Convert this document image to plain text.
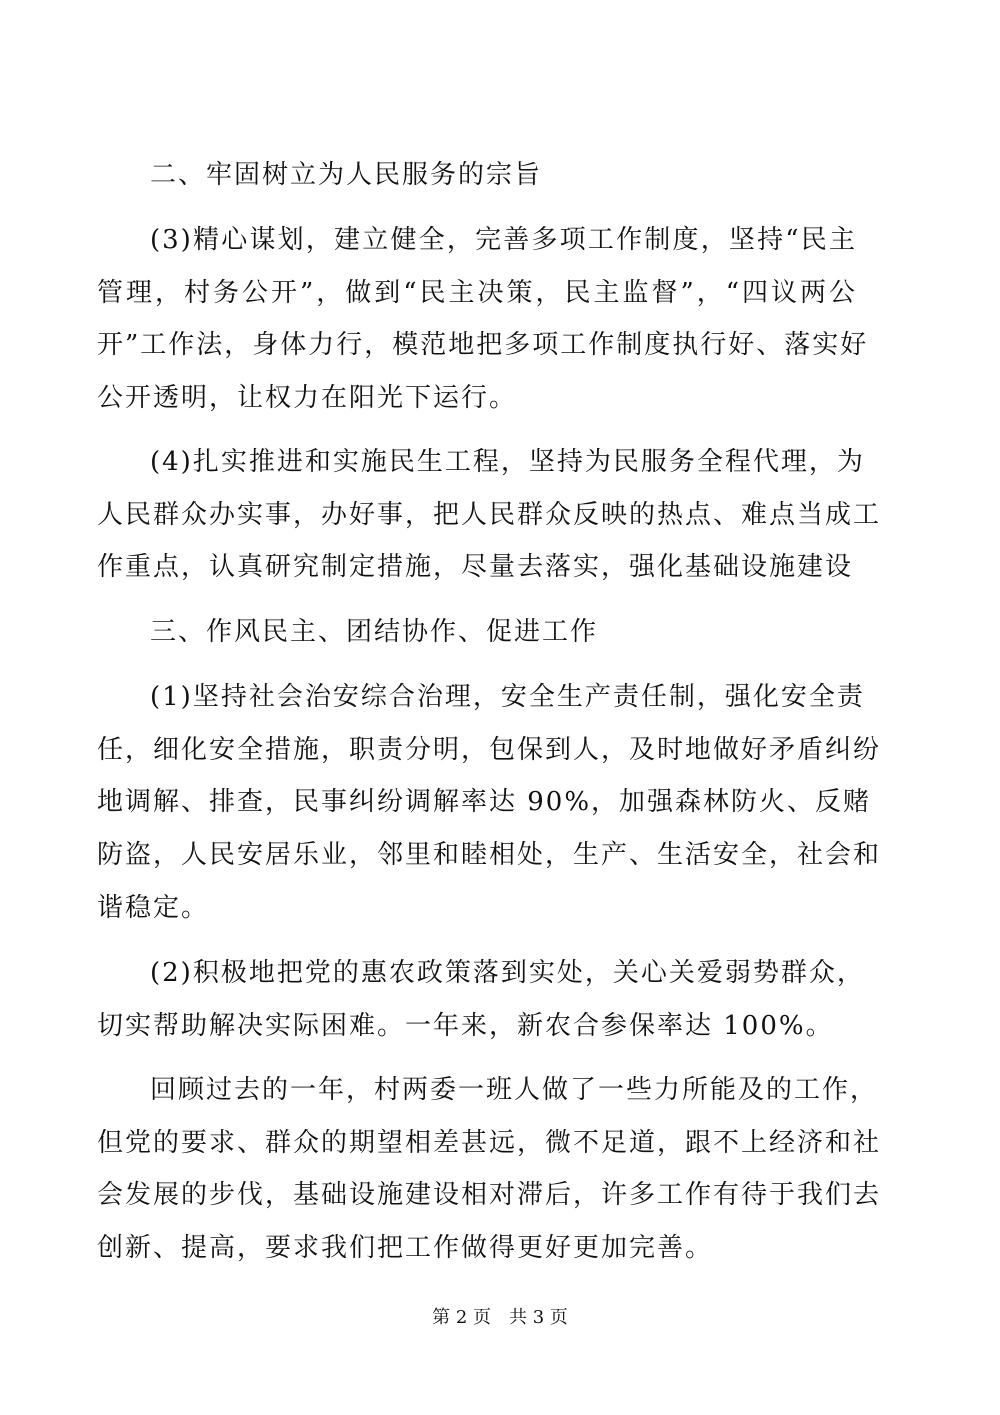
二、牢固树立为人民服务的宗旨
(3)精心谋划，建立健全，完善多项工作制度，坚持“民主
管理，村务公开”，做到“民主决策，民主监督”，“四议两公
开”工作法，身体力行，模范地把多项工作制度执行好、落实好
公开透明，让权力在阳光下运行。
(4)扎实推进和实施民生工程，坚持为民服务全程代理，为
人民群众办实事，办好事，把人民群众反映的热点、难点当成工
作重点，认真研究制定措施，尽量去落实，强化基础设施建设
三、作风民主、团结协作、促进工作
(1)坚持社会治安综合治理，安全生产责任制，强化安全责
任，细化安全措施，职责分明，包保到人，及时地做好矛盾纠纷
地调解、排查，民事纠纷调解率达 90%，加强森林防火、反赌
防盗，人民安居乐业，邻里和睦相处，生产、生活安全，社会和
谐稳定。
(2)积极地把党的惠农政策落到实处，关心关爱弱势群众，
切实帮助解决实际困难。一年来，新农合参保率达 100%。
回顾过去的一年，村两委一班人做了一些力所能及的工作，
但党的要求、群众的期望相差甚远，微不足道，跟不上经济和社
会发展的步伐，基础设施建设相对滞后，许多工作有待于我们去
创新、提高，要求我们把工作做得更好更加完善。
第 2 页　共 3 页
